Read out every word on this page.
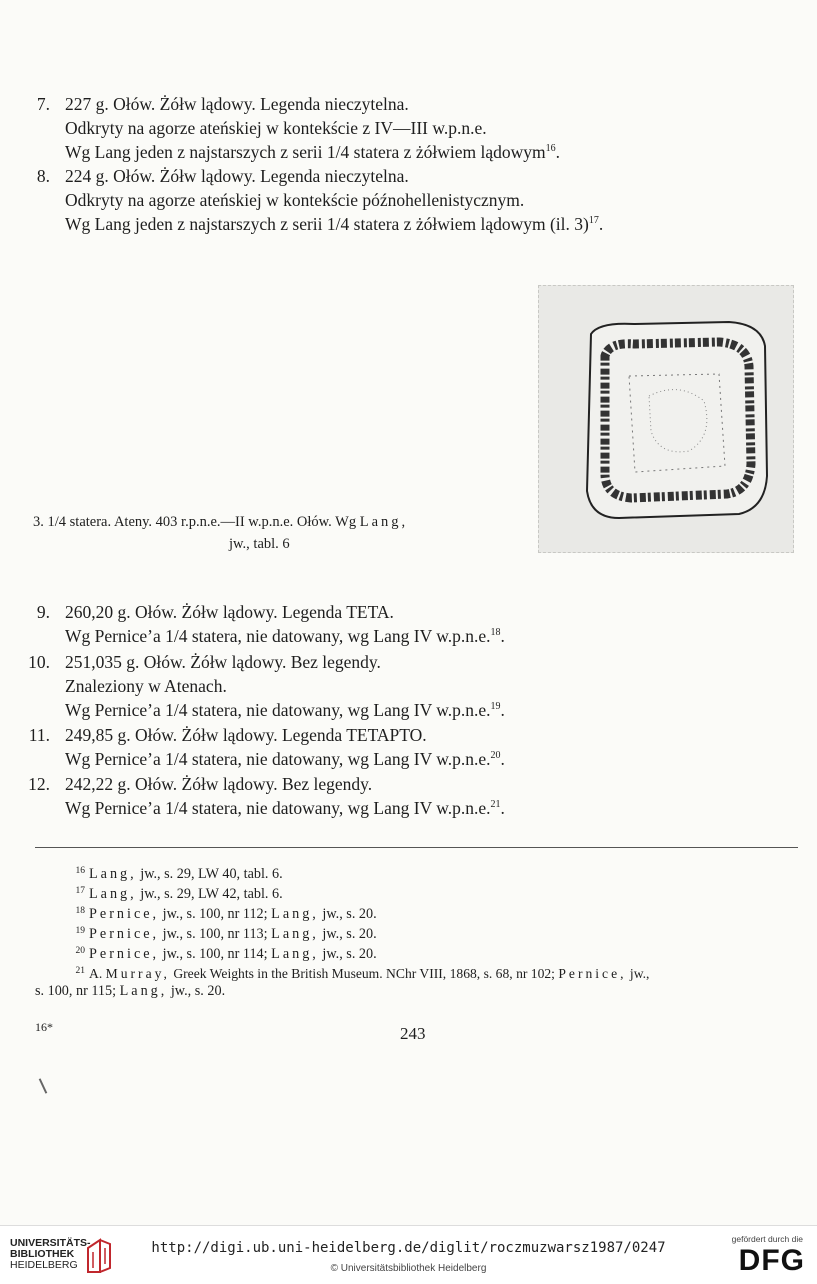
7. 227 g. Ołów. Żółw lądowy. Legenda nieczytelna.
Odkryty na agorze ateńskiej w kontekście z IV—III w.p.n.e.
Wg Lang jeden z najstarszych z serii 1/4 statera z żółwiem lądowym$^{16}$.
8. 224 g. Ołów. Żółw lądowy. Legenda nieczytelna.
Odkryty na agorze ateńskiej w kontekście późnohellenistycznym.
Wg Lang jeden z najstarszych z serii 1/4 statera z żółwiem lądowym (il. 3)$^{17}$.
3. 1/4 statera. Ateny. 403 r.p.n.e.—II w.p.n.e. Ołów. Wg Lang,
jw., tabl. 6
9. 260,20 g. Ołów. Żółw lądowy. Legenda TETA.
Wg Pernice’a 1/4 statera, nie datowany, wg Lang IV w.p.n.e.$^{18}$.
10. 251,035 g. Ołów. Żółw lądowy. Bez legendy.
Znaleziony w Atenach.
Wg Pernice’a 1/4 statera, nie datowany, wg Lang IV w.p.n.e.$^{19}$.
11. 249,85 g. Ołów. Żółw lądowy. Legenda TETAPTO.
Wg Pernice’a 1/4 statera, nie datowany, wg Lang IV w.p.n.e.$^{20}$.
12. 242,22 g. Ołów. Żółw lądowy. Bez legendy.
Wg Pernice’a 1/4 statera, nie datowany, wg Lang IV w.p.n.e.$^{21}$.
16 Lang, jw., s. 29, LW 40, tabl. 6.
17 Lang, jw., s. 29, LW 42, tabl. 6.
18 Pernice, jw., s. 100, nr 112; Lang, jw., s. 20.
19 Pernice, jw., s. 100, nr 113; Lang, jw., s. 20.
20 Pernice, jw., s. 100, nr 114; Lang, jw., s. 20.
21 A. Murray, Greek Weights in the British Museum. NChr VIII, 1868, s. 68, nr 102; Pernice, jw.,
s. 100, nr 115; Lang, jw., s. 20.
16*	243
UNIVERSITÄTS-
BIBLIOTHEK
HEIDELBERG
http://digi.ub.uni-heidelberg.de/diglit/roczmuzwarsz1987/0247
© Universitätsbibliothek Heidelberg
gefördert durch die
DFG
